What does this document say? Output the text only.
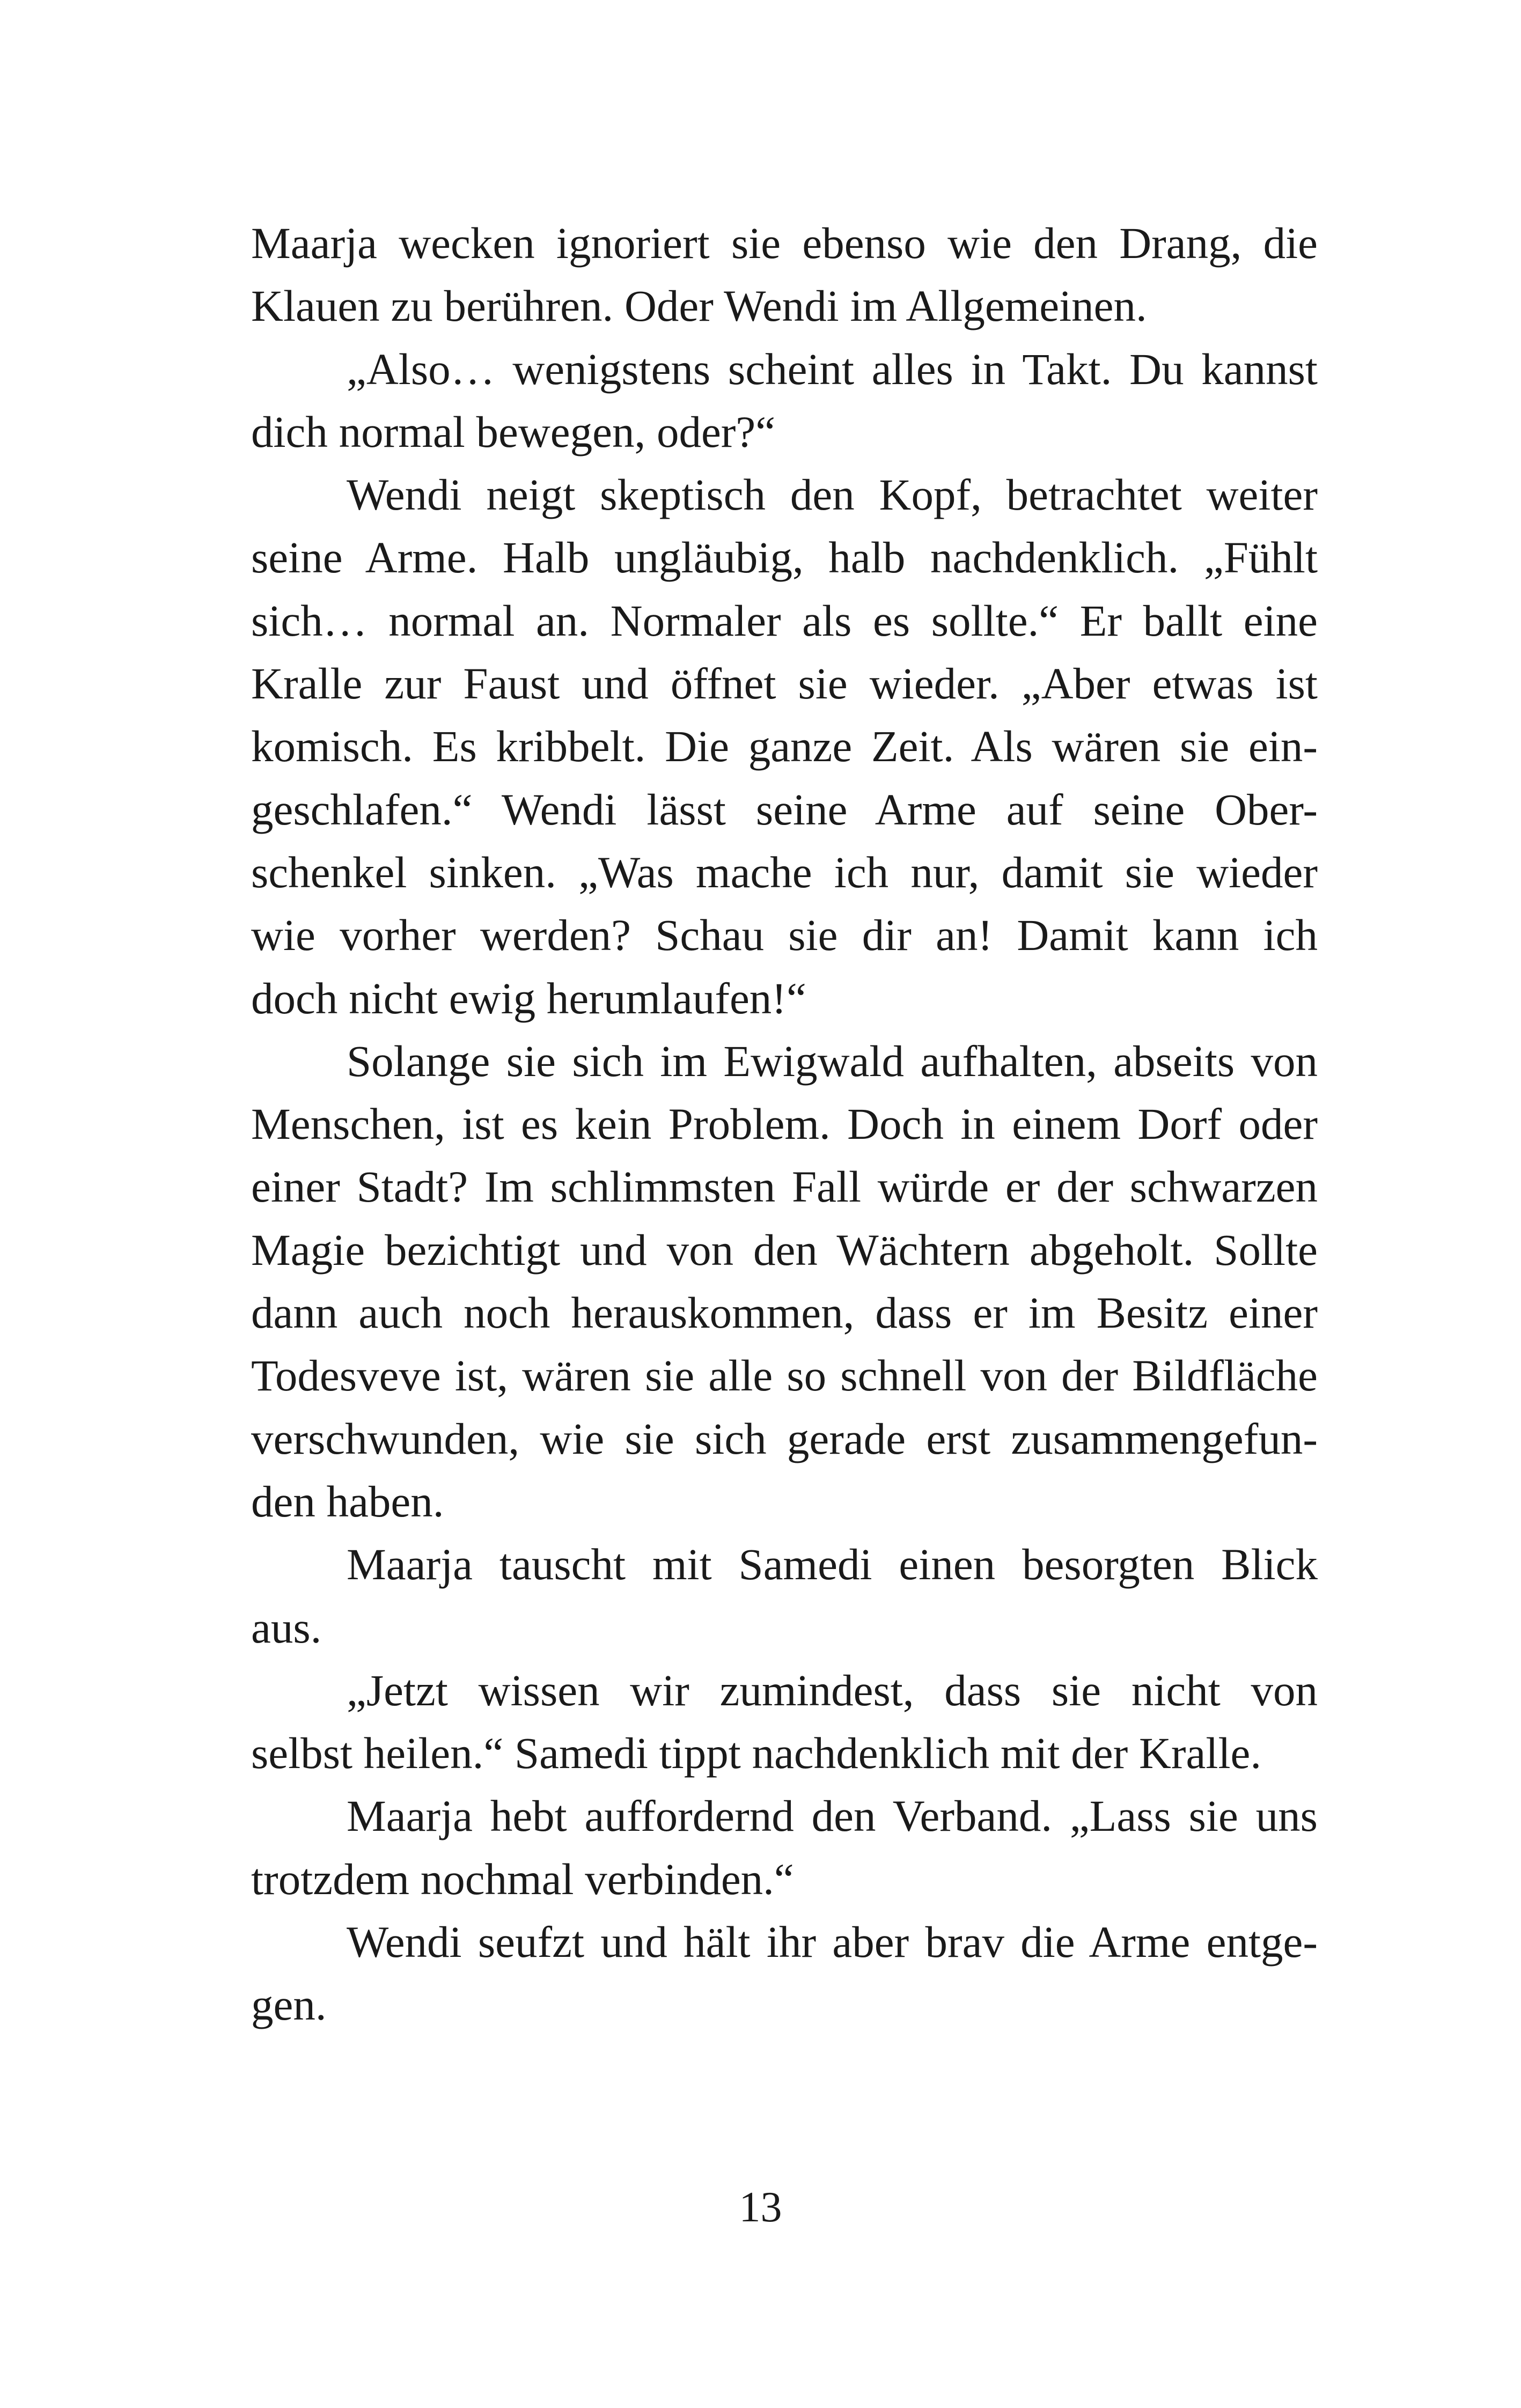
Maarja wecken ignoriert sie ebenso wie den Drang, die
Klauen zu berühren. Oder Wendi im Allgemeinen.
„Also… wenigstens scheint alles in Takt. Du kannst
dich normal bewegen, oder?“
Wendi neigt skeptisch den Kopf, betrachtet weiter
seine Arme. Halb ungläubig, halb nachdenklich. „Fühlt
sich… normal an. Normaler als es sollte.“ Er ballt eine
Kralle zur Faust und öffnet sie wieder. „Aber etwas ist
komisch. Es kribbelt. Die ganze Zeit. Als wären sie ein-
geschlafen.“ Wendi lässt seine Arme auf seine Ober-
schenkel sinken. „Was mache ich nur, damit sie wieder
wie vorher werden? Schau sie dir an! Damit kann ich
doch nicht ewig herumlaufen!“
Solange sie sich im Ewigwald aufhalten, abseits von
Menschen, ist es kein Problem. Doch in einem Dorf oder
einer Stadt? Im schlimmsten Fall würde er der schwarzen
Magie bezichtigt und von den Wächtern abgeholt. Sollte
dann auch noch herauskommen, dass er im Besitz einer
Todesveve ist, wären sie alle so schnell von der Bildfläche
verschwunden, wie sie sich gerade erst zusammengefun-
den haben.
Maarja tauscht mit Samedi einen besorgten Blick
aus.
„Jetzt wissen wir zumindest, dass sie nicht von
selbst heilen.“ Samedi tippt nachdenklich mit der Kralle.
Maarja hebt auffordernd den Verband. „Lass sie uns
trotzdem nochmal verbinden.“
Wendi seufzt und hält ihr aber brav die Arme entge-
gen.
13
